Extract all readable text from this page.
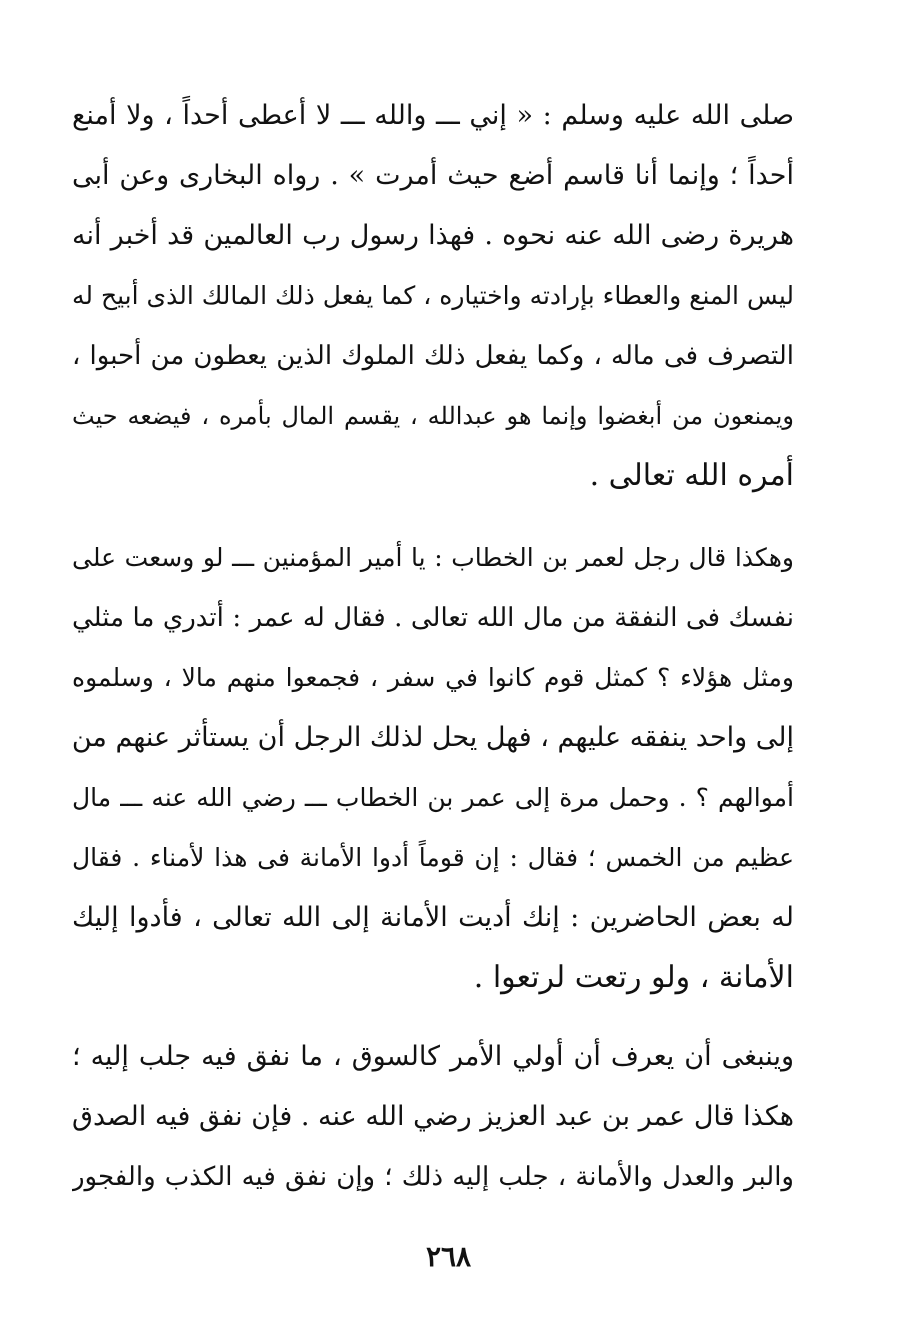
صلى الله عليه وسلم : « إني ـــ والله ـــ لا أعطى أحداً ، ولا أمنع
أحداً ؛ وإنما أنا قاسم أضع حيث أمرت » . رواه البخارى وعن أبى
هريرة رضى الله عنه نحوه . فهذا رسول رب العالمين قد أخبر أنه
ليس المنع والعطاء بإرادته واختياره ، كما يفعل ذلك المالك الذى أبيح له
التصرف فى ماله ، وكما يفعل ذلك الملوك الذين يعطون من أحبوا ،
ويمنعون من أبغضوا وإنما هو عبدالله ، يقسم المال بأمره ، فيضعه حيث
أمره الله تعالى .
وهكذا قال رجل لعمر بن الخطاب : يا أمير المؤمنين ـــ لو وسعت على
نفسك فى النفقة من مال الله تعالى . فقال له عمر : أتدري ما مثلي
ومثل هؤلاء ؟ كمثل قوم كانوا في سفر ، فجمعوا منهم مالا ، وسلموه
إلى واحد ينفقه عليهم ، فهل يحل لذلك الرجل أن يستأثر عنهم من
أموالهم ؟ . وحمل مرة إلى عمر بن الخطاب ـــ رضي الله عنه ـــ مال
عظيم من الخمس ؛ فقال : إن قوماً أدوا الأمانة فى هذا لأمناء . فقال
له بعض الحاضرين : إنك أديت الأمانة إلى الله تعالى ، فأدوا إليك
الأمانة ، ولو رتعت لرتعوا .
وينبغى أن يعرف أن أولي الأمر كالسوق ، ما نفق فيه جلب إليه ؛
هكذا قال عمر بن عبد العزيز رضي الله عنه . فإن نفق فيه الصدق
والبر والعدل والأمانة ، جلب إليه ذلك ؛ وإن نفق فيه الكذب والفجور
٢٦٨
